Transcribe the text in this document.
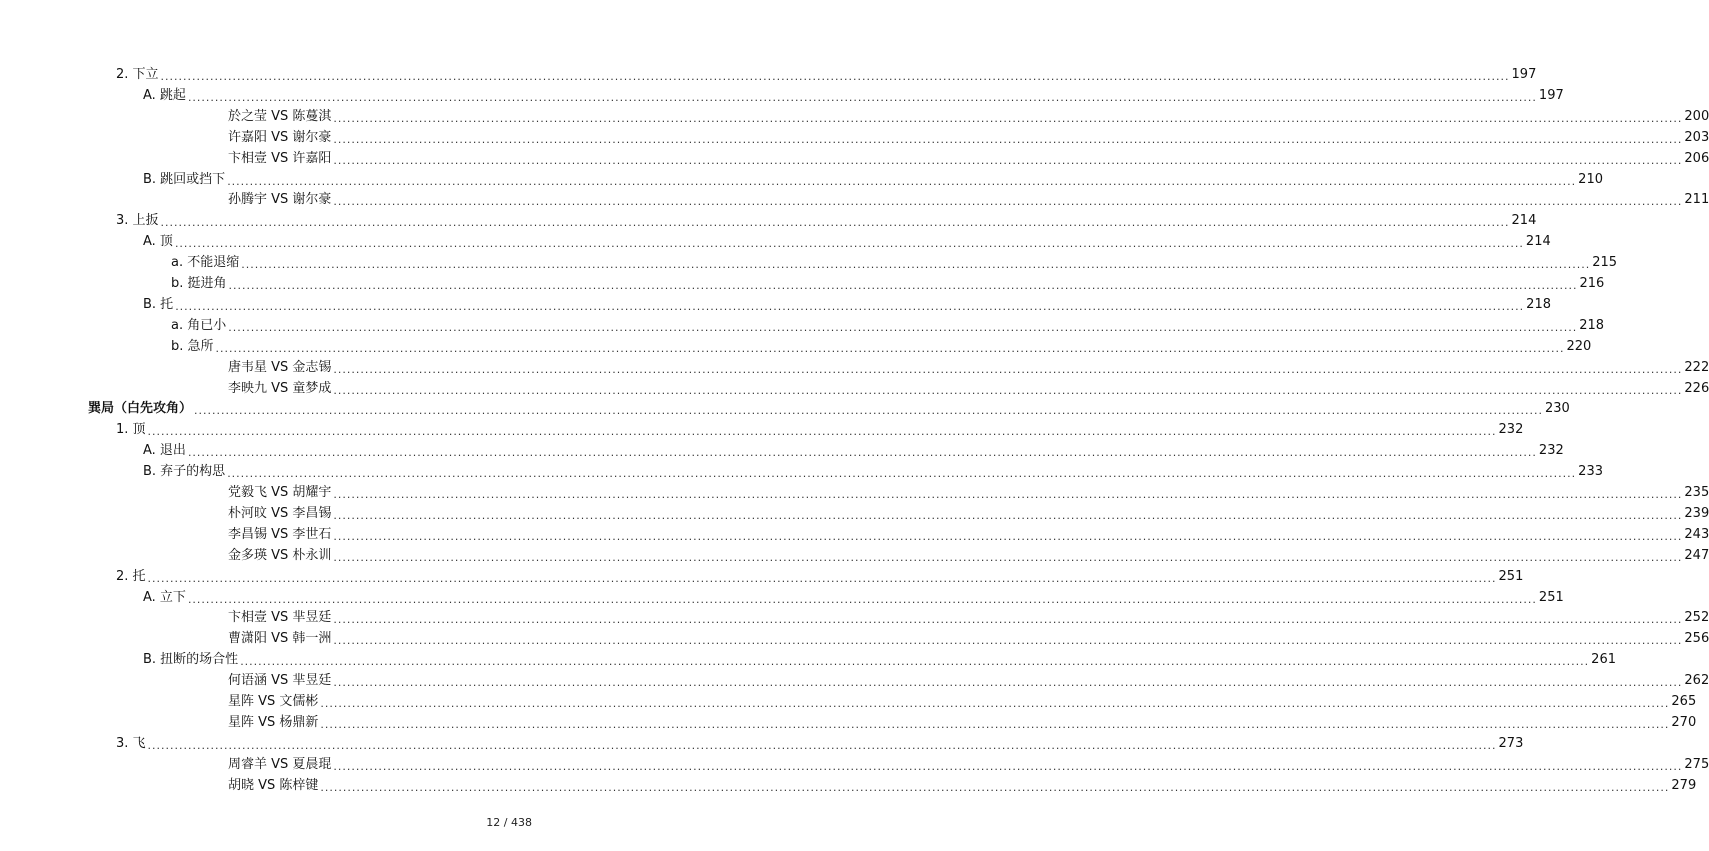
2. 下立 ............................................................................................................................................................................................................................................................................................................ 197
A. 跳起 ............................................................................................................................................................................................................................................................................................................ 197
於之莹 VS 陈蔓淇 ............................................................................................................................................................................................................................................................................................................ 200
许嘉阳 VS 谢尔豪 ............................................................................................................................................................................................................................................................................................................ 203
卞相壹 VS 许嘉阳 ............................................................................................................................................................................................................................................................................................................ 206
B. 跳回或挡下 ............................................................................................................................................................................................................................................................................................................ 210
孙腾宇 VS 谢尔豪 ............................................................................................................................................................................................................................................................................................................ 211
3. 上扳 ............................................................................................................................................................................................................................................................................................................ 214
A. 顶 ............................................................................................................................................................................................................................................................................................................ 214
a. 不能退缩 ............................................................................................................................................................................................................................................................................................................ 215
b. 挺进角 ............................................................................................................................................................................................................................................................................................................ 216
B. 托 ............................................................................................................................................................................................................................................................................................................ 218
a. 角已小 ............................................................................................................................................................................................................................................................................................................ 218
b. 急所 ............................................................................................................................................................................................................................................................................................................ 220
唐韦星 VS 金志锡 ............................................................................................................................................................................................................................................................................................................ 222
李映九 VS 童梦成 ............................................................................................................................................................................................................................................................................................................ 226
巽局（白先攻角） ............................................................................................................................................................................................................................................................................................................ 230
1. 顶 ............................................................................................................................................................................................................................................................................................................ 232
A. 退出 ............................................................................................................................................................................................................................................................................................................ 232
B. 弃子的构思 ............................................................................................................................................................................................................................................................................................................ 233
党毅飞 VS 胡耀宇 ............................................................................................................................................................................................................................................................................................................ 235
朴河旼 VS 李昌锡 ............................................................................................................................................................................................................................................................................................................ 239
李昌锡 VS 李世石 ............................................................................................................................................................................................................................................................................................................ 243
金多瑛 VS 朴永训 ............................................................................................................................................................................................................................................................................................................ 247
2. 托 ............................................................................................................................................................................................................................................................................................................ 251
A. 立下 ............................................................................................................................................................................................................................................................................................................ 251
卞相壹 VS 芈昱廷 ............................................................................................................................................................................................................................................................................................................ 252
曹潇阳 VS 韩一洲 ............................................................................................................................................................................................................................................................................................................ 256
B. 扭断的场合性 ............................................................................................................................................................................................................................................................................................................ 261
何语涵 VS 芈昱廷 ............................................................................................................................................................................................................................................................................................................ 262
星阵 VS 文儒彬 ............................................................................................................................................................................................................................................................................................................ 265
星阵 VS 杨鼎新 ............................................................................................................................................................................................................................................................................................................ 270
3. 飞 ............................................................................................................................................................................................................................................................................................................ 273
周睿羊 VS 夏晨琨 ............................................................................................................................................................................................................................................................................................................ 275
胡晓 VS 陈梓键 ............................................................................................................................................................................................................................................................................................................ 279
12 / 438
